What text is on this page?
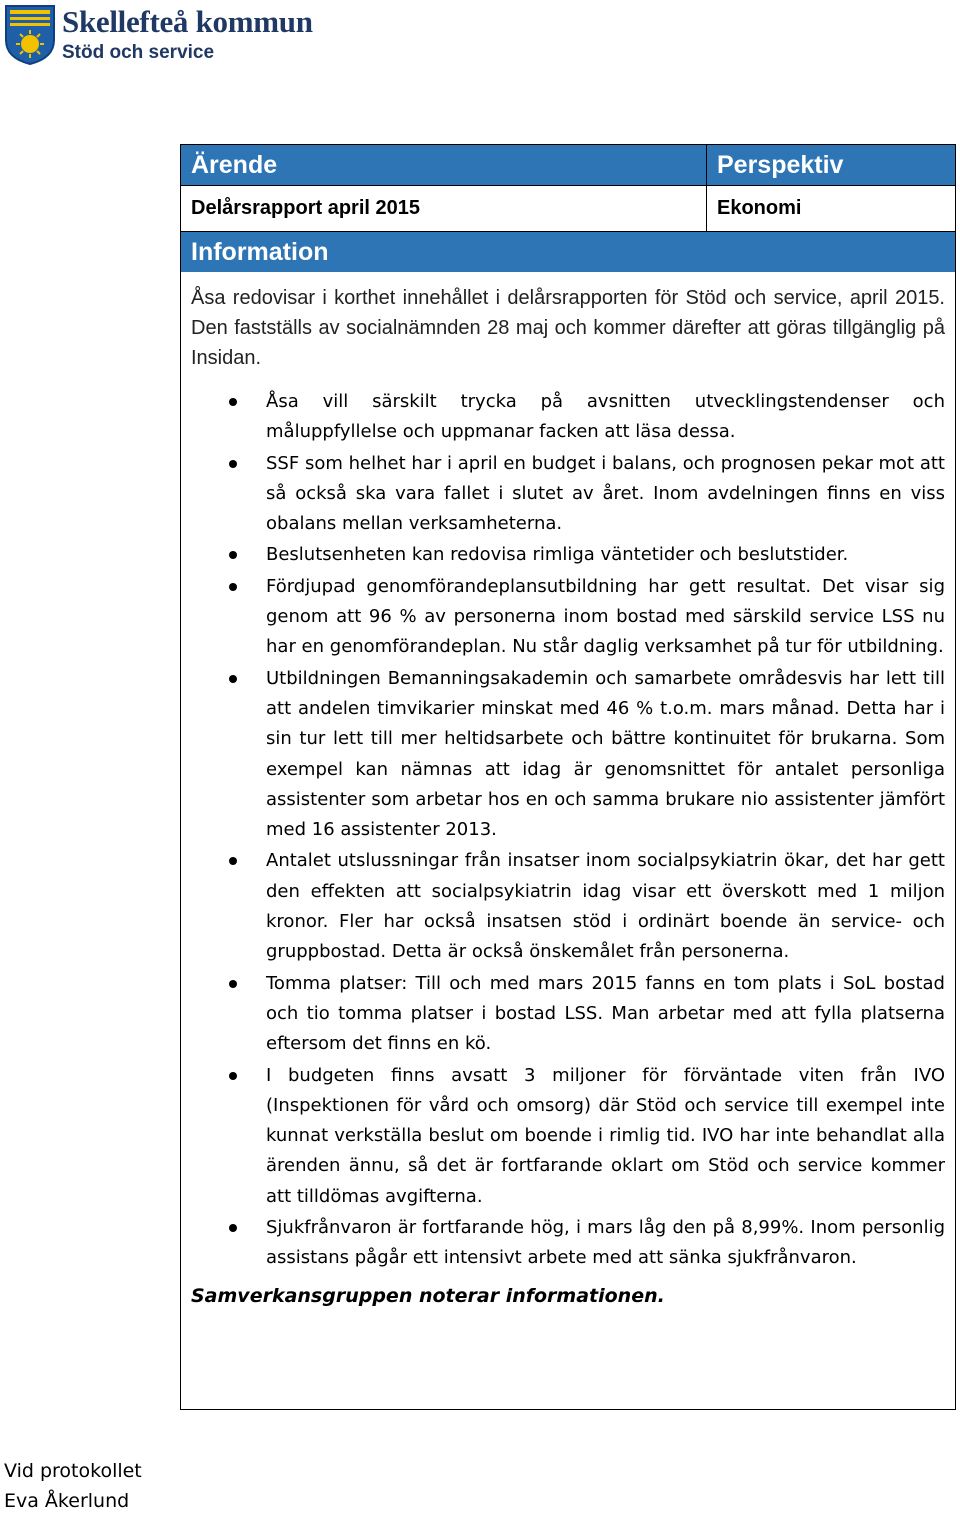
Skellefteå kommun
Stöd och service
Ärende	Perspektiv
Delårsrapport april 2015	Ekonomi
Information

Åsa redovisar i korthet innehållet i delårsrapporten för Stöd och service, april 2015. Den fastställs av socialnämnden 28 maj och kommer därefter att göras tillgänglig på Insidan.

Åsa vill särskilt trycka på avsnitten utvecklingstendenser och måluppfyllelse och uppmanar facken att läsa dessa.
SSF som helhet har i april en budget i balans, och prognosen pekar mot att så också ska vara fallet i slutet av året. Inom avdelningen finns en viss obalans mellan verksamheterna.
Beslutsenheten kan redovisa rimliga väntetider och beslutstider.
Fördjupad genomförandeplansutbildning har gett resultat. Det visar sig genom att 96 % av personerna inom bostad med särskild service LSS nu har en genomförandeplan. Nu står daglig verksamhet på tur för utbildning.
Utbildningen Bemanningsakademin och samarbete områdesvis har lett till att andelen timvikarier minskat med 46 % t.o.m. mars månad. Detta har i sin tur lett till mer heltidsarbete och bättre kontinuitet för brukarna. Som exempel kan nämnas att idag är genomsnittet för antalet personliga assistenter som arbetar hos en och samma brukare nio assistenter jämfört med 16 assistenter 2013.
Antalet utslussningar från insatser inom socialpsykiatrin ökar, det har gett den effekten att socialpsykiatrin idag visar ett överskott med 1 miljon kronor. Fler har också insatsen stöd i ordinärt boende än service- och gruppbostad. Detta är också önskemålet från personerna.
Tomma platser: Till och med mars 2015 fanns en tom plats i SoL bostad och tio tomma platser i bostad LSS. Man arbetar med att fylla platserna eftersom det finns en kö.
I budgeten finns avsatt 3 miljoner för förväntade viten från IVO (Inspektionen för vård och omsorg) där Stöd och service till exempel inte kunnat verkställa beslut om boende i rimlig tid. IVO har inte behandlat alla ärenden ännu, så det är fortfarande oklart om Stöd och service kommer att tilldömas avgifterna.
Sjukfrånvaron är fortfarande hög, i mars låg den på 8,99%. Inom personlig assistans pågår ett intensivt arbete med att sänka sjukfrånvaron.

Samverkansgruppen noterar informationen.

Vid protokollet
Eva Åkerlund
